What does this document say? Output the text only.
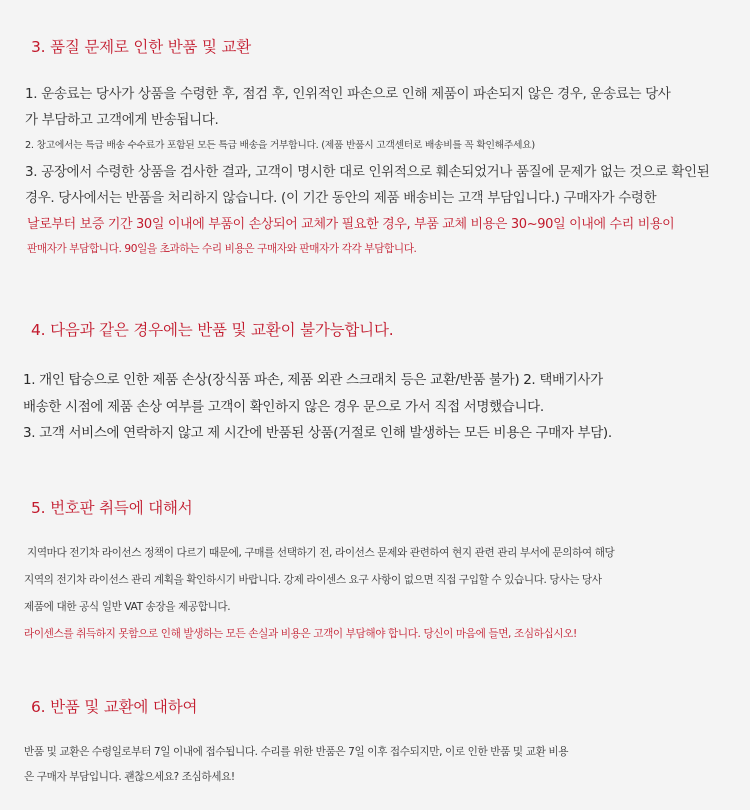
3. 품질 문제로 인한 반품 및 교환
1. 운송료는 당사가 상품을 수령한 후, 점검 후, 인위적인 파손으로 인해 제품이 파손되지 않은 경우, 운송료는 당사
가 부담하고 고객에게 반송됩니다.
2. 창고에서는 특급 배송 수수료가 포함된 모든 특급 배송을 거부합니다. (제품 반품시 고객센터로 배송비를 꼭 확인해주세요)
3. 공장에서 수령한 상품을 검사한 결과, 고객이 명시한 대로 인위적으로 훼손되었거나 품질에 문제가 없는 것으로 확인된
경우. 당사에서는 반품을 처리하지 않습니다. (이 기간 동안의 제품 배송비는 고객 부담입니다.) 구매자가 수령한
날로부터 보증 기간 30일 이내에 부품이 손상되어 교체가 필요한 경우, 부품 교체 비용은 30~90일 이내에 수리 비용이
판매자가 부담합니다. 90일을 초과하는 수리 비용은 구매자와 판매자가 각각 부담합니다.
4. 다음과 같은 경우에는 반품 및 교환이 불가능합니다.
1. 개인 탑승으로 인한 제품 손상(장식품 파손, 제품 외관 스크래치 등은 교환/반품 불가) 2. 택배기사가
배송한 시점에 제품 손상 여부를 고객이 확인하지 않은 경우 문으로 가서 직접 서명했습니다.
3. 고객 서비스에 연락하지 않고 제 시간에 반품된 상품(거절로 인해 발생하는 모든 비용은 구매자 부담).
5. 번호판 취득에 대해서
지역마다 전기차 라이선스 정책이 다르기 때문에, 구매를 선택하기 전, 라이선스 문제와 관련하여 현지 관련 관리 부서에 문의하여 해당
지역의 전기차 라이선스 관리 계획을 확인하시기 바랍니다. 강제 라이센스 요구 사항이 없으면 직접 구입할 수 있습니다. 당사는 당사
제품에 대한 공식 일반 VAT 송장을 제공합니다.
라이센스를 취득하지 못함으로 인해 발생하는 모든 손실과 비용은 고객이 부담해야 합니다. 당신이 마음에 들면, 조심하십시오!
6. 반품 및 교환에 대하여
반품 및 교환은 수령일로부터 7일 이내에 접수됩니다. 수리를 위한 반품은 7일 이후 접수되지만, 이로 인한 반품 및 교환 비용
은 구매자 부담입니다. 괜찮으세요? 조심하세요!
